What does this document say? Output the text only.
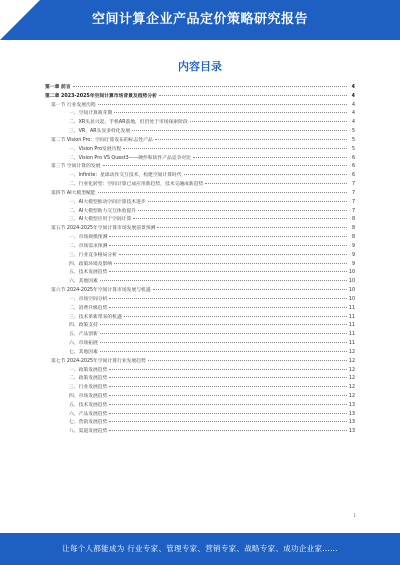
空间计算企业产品定价策略研究报告
内容目录
第一章 前言	4
第二章 2023-2025年空间计算市场背景及趋势分析	4
第一节 行业发展历程	4
一、空间计算萌芽期	4
二、XR头显兴起、手机AR落地，但仍处于市场探索阶段	4
三、VR、AR头显多样化发展	5
第二节 Vision Pro：空间计算发布的标志性产品	5
一、Vision Pro发展历程	5
二、Vision Pro VS Quest3——硬件和软件产品竞争对比	6
第三节 空间计算的发展	6
一、Infinite：星球动作交互技术，构建空间计算时代	6
二、行业化转型：空间计算已成应用新趋势，技术交融成新趋势	7
第四节 AI大模型赋能	7
一、AI大模型推动空间计算技术进步	7
二、AI大模型助力交互体验提升	7
三、AI大模型应用于空间计算	8
第五节 2024-2025年空间计算市场发展前景预测	8
一、市场规模预测	8
二、市场需求预测	9
三、行业竞争格局分析	9
四、政策环境及影响	9
五、技术发展趋势	10
六、其他因素	10
第六节 2024-2025年空间计算市场发展与机遇	10
一、市场空间分析	10
二、消费升级趋势	11
三、技术革新带来的机遇	11
四、政策支持	11
五、产品创新	11
六、市场拓展	11
七、其他因素	12
第七节 2024-2025年空间计算行业发展趋势	12
一、政策发展趋势	12
二、政策发展趋势	12
三、行业发展趋势	12
四、市场发展趋势	12
五、技术发展趋势	13
六、产品发展趋势	13
七、营销发展趋势	13
八、渠道发展趋势	13
1
让每个人都能成为 行业专家、管理专家、营销专家、战略专家、成功企业家……
